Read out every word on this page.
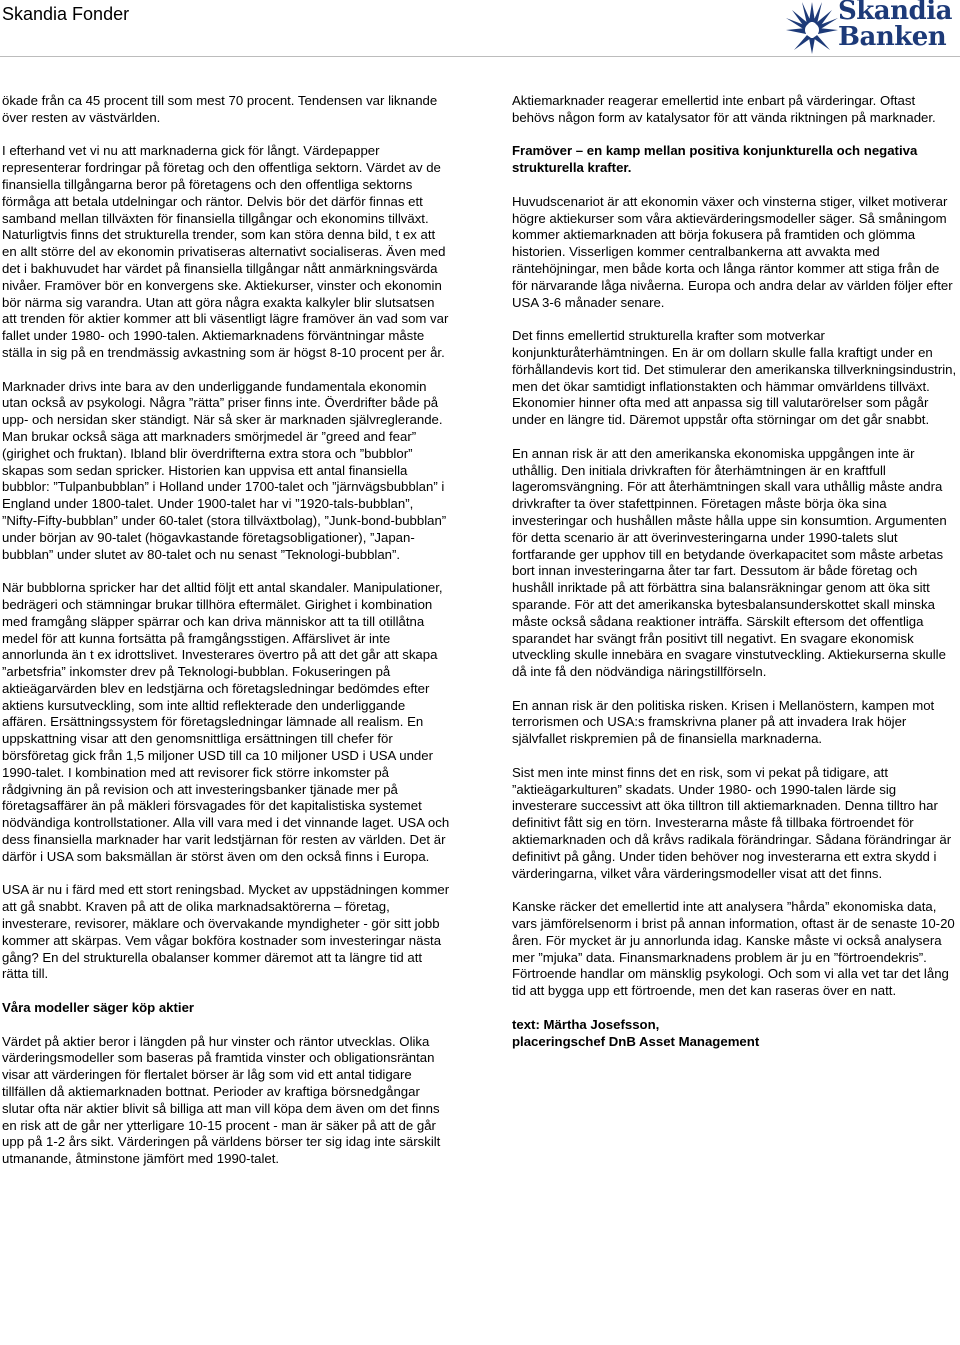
Skandia Fonder	Skandia
Banken

ökade från ca 45 procent till som mest 70 procent. Tendensen var liknande över resten av västvärlden.

I efterhand vet vi nu att marknaderna gick för långt. Värdepapper representerar fordringar på företag och den offentliga sektorn. Värdet av de finansiella tillgångarna beror på företagens och den offentliga sektorns förmåga att betala utdelningar och räntor. Delvis bör det därför finnas ett samband mellan tillväxten för finansiella tillgångar och ekonomins tillväxt. Naturligtvis finns det strukturella trender, som kan störa denna bild, t ex att en allt större del av ekonomin privatiseras alternativt socialiseras. Även med det i bakhuvudet har värdet på finansiella tillgångar nått anmärkningsvärda nivåer. Framöver bör en konvergens ske. Aktiekurser, vinster och ekonomin bör närma sig varandra. Utan att göra några exakta kalkyler blir slutsatsen att trenden för aktier kommer att bli väsentligt lägre framöver än vad som var fallet under 1980- och 1990-talen. Aktiemarknadens förväntningar måste ställa in sig på en trendmässig avkastning som är högst 8-10 procent per år.

Marknader drivs inte bara av den underliggande fundamentala ekonomin utan också av psykologi. Några ”rätta” priser finns inte. Överdrifter både på upp- och nersidan sker ständigt. När så sker är marknaden självreglerande. Man brukar också säga att marknaders smörjmedel är ”greed and fear” (girighet och fruktan). Ibland blir överdrifterna extra stora och ”bubblor” skapas som sedan spricker. Historien kan uppvisa ett antal finansiella bubblor: ”Tulpanbubblan” i Holland under 1700-talet och ”järnvägsbubblan” i England under 1800-talet. Under 1900-talet har vi ”1920-tals-bubblan”, ”Nifty-Fifty-bubblan” under 60-talet (stora tillväxtbolag), ”Junk-bond-bubblan” under början av 90-talet (högavkastande företagsobligationer), ”Japan-bubblan” under slutet av 80-talet och nu senast ”Teknologi-bubblan”.

När bubblorna spricker har det alltid följt ett antal skandaler. Manipulationer, bedrägeri och stämningar brukar tillhöra eftermälet. Girighet i kombination med framgång släpper spärrar och kan driva människor att ta till otillåtna medel för att kunna fortsätta på framgångsstigen. Affärslivet är inte annorlunda än t ex idrottslivet. Investerares övertro på att det går att skapa ”arbetsfria” inkomster drev på Teknologi-bubblan. Fokuseringen på aktieägarvärden blev en ledstjärna och företagsledningar bedömdes efter aktiens kursutveckling, som inte alltid reflekterade den underliggande affären. Ersättningssystem för företagsledningar lämnade all realism. En uppskattning visar att den genomsnittliga ersättningen till chefer för börsföretag gick från 1,5 miljoner USD till ca 10 miljoner USD i USA under 1990-talet. I kombination med att revisorer fick större inkomster på rådgivning än på revision och att investeringsbanker tjänade mer på företagsaffärer än på mäkleri försvagades för det kapitalistiska systemet nödvändiga kontrollstationer. Alla vill vara med i det vinnande laget. USA och dess finansiella marknader har varit ledstjärnan för resten av världen. Det är därför i USA som baksmällan är störst även om den också finns i Europa.

USA är nu i färd med ett stort reningsbad. Mycket av uppstädningen kommer att gå snabbt. Kraven på att de olika marknadsaktörerna – företag, investerare, revisorer, mäklare och övervakande myndigheter - gör sitt jobb kommer att skärpas. Vem vågar bokföra kostnader som investeringar nästa gång? En del strukturella obalanser kommer däremot att ta längre tid att rätta till.

Våra modeller säger köp aktier

Värdet på aktier beror i längden på hur vinster och räntor utvecklas. Olika värderingsmodeller som baseras på framtida vinster och obligationsräntan visar att värderingen för flertalet börser är låg som vid ett antal tidigare tillfällen då aktiemarknaden bottnat. Perioder av kraftiga börsnedgångar slutar ofta när aktier blivit så billiga att man vill köpa dem även om det finns en risk att de går ner ytterligare 10-15 procent - man är säker på att de går upp på 1-2 års sikt. Värderingen på världens börser ter sig idag inte särskilt utmanande, åtminstone jämfört med 1990-talet.

Aktiemarknader reagerar emellertid inte enbart på värderingar. Oftast behövs någon form av katalysator för att vända riktningen på marknader.

Framöver – en kamp mellan positiva konjunkturella och negativa strukturella krafter.

Huvudscenariot är att ekonomin växer och vinsterna stiger, vilket motiverar högre aktiekurser som våra aktievärderingsmodeller säger. Så småningom kommer aktiemarknaden att börja fokusera på framtiden och glömma historien. Visserligen kommer centralbankerna att avvakta med räntehöjningar, men både korta och långa räntor kommer att stiga från de för närvarande låga nivåerna. Europa och andra delar av världen följer efter USA 3-6 månader senare.

Det finns emellertid strukturella krafter som motverkar konjunkturåterhämtningen. En är om dollarn skulle falla kraftigt under en förhållandevis kort tid. Det stimulerar den amerikanska tillverkningsindustrin, men det ökar samtidigt inflationstakten och hämmar omvärldens tillväxt. Ekonomier hinner ofta med att anpassa sig till valutarörelser som pågår under en längre tid. Däremot uppstår ofta störningar om det går snabbt.

En annan risk är att den amerikanska ekonomiska uppgången inte är uthållig. Den initiala drivkraften för återhämtningen är en kraftfull lageromsvängning. För att återhämtningen skall vara uthållig måste andra drivkrafter ta över stafettpinnen. Företagen måste börja öka sina investeringar och hushållen måste hålla uppe sin konsumtion. Argumenten för detta scenario är att överinvesteringarna under 1990-talets slut fortfarande ger upphov till en betydande överkapacitet som måste arbetas bort innan investeringarna åter tar fart. Dessutom är både företag och hushåll inriktade på att förbättra sina balansräkningar genom att öka sitt sparande. För att det amerikanska bytesbalansunderskottet skall minska måste också sådana reaktioner inträffa. Särskilt eftersom det offentliga sparandet har svängt från positivt till negativt. En svagare ekonomisk utveckling skulle innebära en svagare vinstutveckling. Aktiekurserna skulle då inte få den nödvändiga näringstillförseln.

En annan risk är den politiska risken. Krisen i Mellanöstern, kampen mot terrorismen och USA:s framskrivna planer på att invadera Irak höjer självfallet riskpremien på de finansiella marknaderna.

Sist men inte minst finns det en risk, som vi pekat på tidigare, att ”aktieägarkulturen” skadats. Under 1980- och 1990-talen lärde sig investerare successivt att öka tilltron till aktiemarknaden. Denna tilltro har definitivt fått sig en törn. Investerarna måste få tillbaka förtroendet för aktiemarknaden och då kråvs radikala förändringar. Sådana förändringar är definitivt på gång. Under tiden behöver nog investerarna ett extra skydd i värderingarna, vilket våra värderingsmodeller visat att det finns.

Kanske räcker det emellertid inte att analysera ”hårda” ekonomiska data, vars jämförelsenorm i brist på annan information, oftast är de senaste 10-20 åren. För mycket är ju annorlunda idag. Kanske måste vi också analysera mer ”mjuka” data. Finansmarknadens problem är ju en ”förtroendekris”. Förtroende handlar om mänsklig psykologi. Och som vi alla vet tar det lång tid att bygga upp ett förtroende, men det kan raseras över en natt.

text: Märtha Josefsson,
placeringschef DnB Asset Management
